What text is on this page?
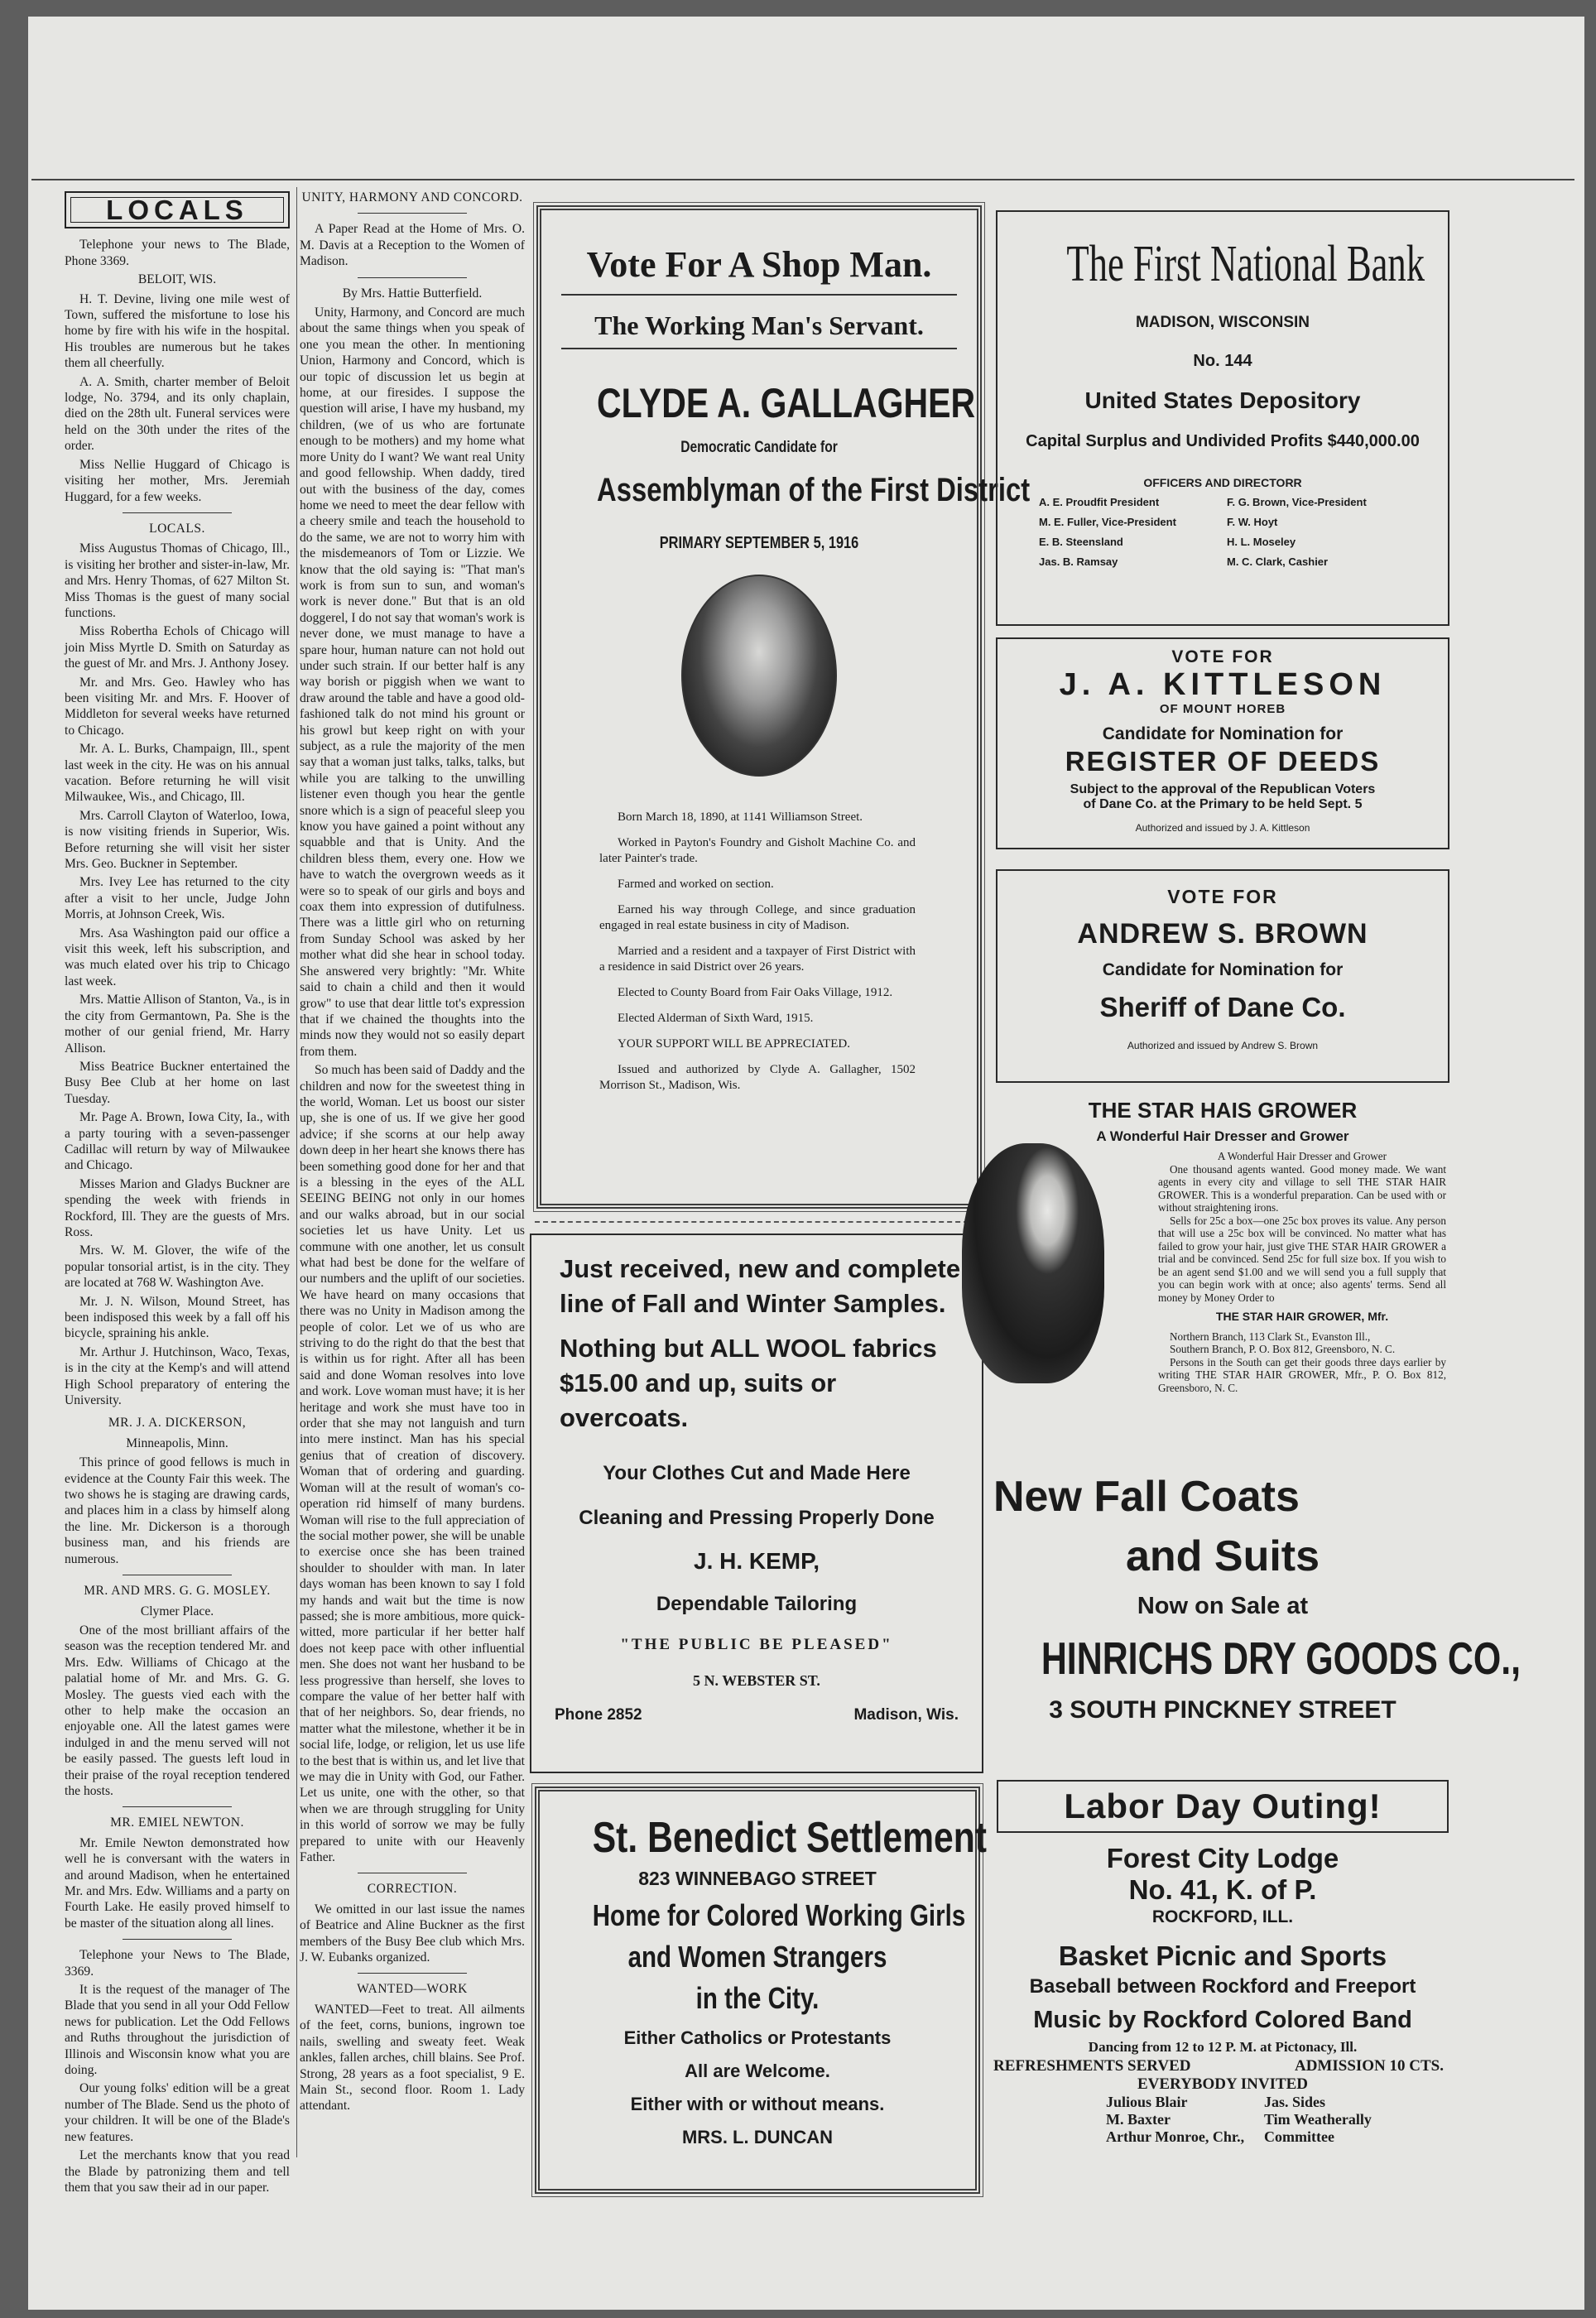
LOCALS

Telephone your news to The Blade, Phone 3369.

BELOIT, WIS.

H. T. Devine, living one mile west of Town, suffered the misfortune to lose his home by fire with his wife in the hospital. His troubles are numerous but he takes them all cheerfully.

A. A. Smith, charter member of Beloit lodge, No. 3794, and its only chaplain, died on the 28th ult. Funeral services were held on the 30th under the rites of the order.

Miss Nellie Huggard of Chicago is visiting her mother, Mrs. Jeremiah Huggard, for a few weeks.

LOCALS.

Miss Augustus Thomas of Chicago, Ill., is visiting her brother and sister-in-law, Mr. and Mrs. Henry Thomas, of 627 Milton St. Miss Thomas is the guest of many social functions.

Miss Robertha Echols of Chicago will join Miss Myrtle D. Smith on Saturday as the guest of Mr. and Mrs. J. Anthony Josey.

Mr. and Mrs. Geo. Hawley who has been visiting Mr. and Mrs. F. Hoover of Middleton for several weeks have returned to Chicago.

Mr. A. L. Burks, Champaign, Ill., spent last week in the city. He was on his annual vacation. Before returning he will visit Milwaukee, Wis., and Chicago, Ill.

Mrs. Carroll Clayton of Waterloo, Iowa, is now visiting friends in Superior, Wis. Before returning she will visit her sister Mrs. Geo. Buckner in September.

Mrs. Ivey Lee has returned to the city after a visit to her uncle, Judge John Morris, at Johnson Creek, Wis.

Mrs. Asa Washington paid our office a visit this week, left his subscription, and was much elated over his trip to Chicago last week.

Mrs. Mattie Allison of Stanton, Va., is in the city from Germantown, Pa. She is the mother of our genial friend, Mr. Harry Allison.

Miss Beatrice Buckner entertained the Busy Bee Club at her home on last Tuesday.

Mr. Page A. Brown, Iowa City, Ia., with a party touring with a seven-passenger Cadillac will return by way of Milwaukee and Chicago.

Misses Marion and Gladys Buckner are spending the week with friends in Rockford, Ill. They are the guests of Mrs. Ross.

Mrs. W. M. Glover, the wife of the popular tonsorial artist, is in the city. They are located at 768 W. Washington Ave.

Mr. J. N. Wilson, Mound Street, has been indisposed this week by a fall off his bicycle, spraining his ankle.

Mr. Arthur J. Hutchinson, Waco, Texas, is in the city at the Kemp's and will attend High School preparatory of entering the University.

MR. J. A. DICKERSON,
Minneapolis, Minn.

This prince of good fellows is much in evidence at the County Fair this week. The two shows he is staging are drawing cards, and places him in a class by himself along the line. Mr. Dickerson is a thorough business man, and his friends are numerous.

MR. AND MRS. G. G. MOSLEY.
Clymer Place.

One of the most brilliant affairs of the season was the reception tendered Mr. and Mrs. Edw. Williams of Chicago at the palatial home of Mr. and Mrs. G. G. Mosley. The guests vied each with the other to help make the occasion an enjoyable one. All the latest games were indulged in and the menu served will not be easily passed. The guests left loud in their praise of the royal reception tendered the hosts.

MR. EMIEL NEWTON.

Mr. Emile Newton demonstrated how well he is conversant with the waters in and around Madison, when he entertained Mr. and Mrs. Edw. Williams and a party on Fourth Lake. He easily proved himself to be master of the situation along all lines.

Telephone your News to The Blade, 3369.

It is the request of the manager of The Blade that you send in all your Odd Fellow news for publication. Let the Odd Fellows and Ruths throughout the jurisdiction of Illinois and Wisconsin know what you are doing.

Our young folks' edition will be a great number of The Blade. Send us the photo of your children. It will be one of the Blade's new features.

Let the merchants know that you read the Blade by patronizing them and tell them that you saw their ad in our paper.

UNITY, HARMONY AND CONCORD.

A Paper Read at the Home of Mrs. O. M. Davis at a Reception to the Women of Madison.

By Mrs. Hattie Butterfield.

Unity, Harmony, and Concord are much about the same things when you speak of one you mean the other. In mentioning Union, Harmony and Concord, which is our topic of discussion let us begin at home, at our firesides. I suppose the question will arise, I have my husband, my children, (we of us who are fortunate enough to be mothers) and my home what more Unity do I want? We want real Unity and good fellowship. When daddy, tired out with the business of the day, comes home we need to meet the dear fellow with a cheery smile and teach the household to do the same, we are not to worry him with the misdemeanors of Tom or Lizzie. We know that the old saying is: "That man's work is from sun to sun, and woman's work is never done." But that is an old doggerel, I do not say that woman's work is never done, we must manage to have a spare hour, human nature can not hold out under such strain. If our better half is any way borish or piggish when we want to draw around the table and have a good old-fashioned talk do not mind his grount or his growl but keep right on with your subject, as a rule the majority of the men say that a woman just talks, talks, talks, but while you are talking to the unwilling listener even though you hear the gentle snore which is a sign of peaceful sleep you know you have gained a point without any squabble and that is Unity. And the children bless them, every one. How we have to watch the overgrown weeds as it were so to speak of our girls and boys and coax them into expression of dutifulness. There was a little girl who on returning from Sunday School was asked by her mother what did she hear in school today. She answered very brightly: "Mr. White said to chain a child and then it would grow" to use that dear little tot's expression that if we chained the thoughts into the minds now they would not so easily depart from them.

So much has been said of Daddy and the children and now for the sweetest thing in the world, Woman. Let us boost our sister up, she is one of us. If we give her good advice; if she scorns at our help away down deep in her heart she knows there has been something good done for her and that is a blessing in the eyes of the ALL SEEING BEING not only in our homes and our walks abroad, but in our social societies let us have Unity. Let us commune with one another, let us consult what had best be done for the welfare of our numbers and the uplift of our societies. We have heard on many occasions that there was no Unity in Madison among the people of color. Let we of us who are striving to do the right do that the best that is within us for right. After all has been said and done Woman resolves into love and work. Love woman must have; it is her heritage and work she must have too in order that she may not languish and turn into mere instinct. Man has his special genius that of creation of discovery. Woman that of ordering and guarding. Woman will at the result of woman's co-operation rid himself of many burdens. Woman will rise to the full appreciation of the social mother power, she will be unable to exercise once she has been trained shoulder to shoulder with man. In later days woman has been known to say I fold my hands and wait but the time is now passed; she is more ambitious, more quick-witted, more particular if her better half does not keep pace with other influential men. She does not want her husband to be less progressive than herself, she loves to compare the value of her better half with that of her neighbors. So, dear friends, no matter what the milestone, whether it be in social life, lodge, or religion, let us use life to the best that is within us, and let live that we may die in Unity with God, our Father. Let us unite, one with the other, so that when we are through struggling for Unity in this world of sorrow we may be fully prepared to unite with our Heavenly Father.

CORRECTION.

We omitted in our last issue the names of Beatrice and Aline Buckner as the first members of the Busy Bee club which Mrs. J. W. Eubanks organized.

WANTED—WORK

WANTED—Feet to treat. All ailments of the feet, corns, bunions, ingrown toe nails, swelling and sweaty feet. Weak ankles, fallen arches, chill blains. See Prof. Strong, 28 years as a foot specialist, 9 E. Main St., second floor. Room 1. Lady attendant.

Vote For A Shop Man.
The Working Man's Servant.
CLYDE A. GALLAGHER
Democratic Candidate for
Assemblyman of the First District
PRIMARY SEPTEMBER 5, 1916

Born March 18, 1890, at 1141 Williamson Street.

Worked in Payton's Foundry and Gisholt Machine Co. and later Painter's trade.

Farmed and worked on section.

Earned his way through College, and since graduation engaged in real estate business in city of Madison.

Married and a resident and a taxpayer of First District with a residence in said District over 26 years.

Elected to County Board from Fair Oaks Village, 1912.

Elected Alderman of Sixth Ward, 1915.

YOUR SUPPORT WILL BE APPRECIATED.

Issued and authorized by Clyde A. Gallagher, 1502 Morrison St., Madison, Wis.

Just received, new and complete line of Fall and Winter Samples.
Nothing but ALL WOOL fabrics $15.00 and up, suits or overcoats.
Your Clothes Cut and Made Here
Cleaning and Pressing Properly Done
J. H. KEMP,
Dependable Tailoring
"THE PUBLIC BE PLEASED"
5 N. WEBSTER ST.
Phone 2852	Madison, Wis.
St. Benedict Settlement
823 WINNEBAGO STREET
Home for Colored Working Girls
and Women Strangers
in the City.
Either Catholics or Protestants
All are Welcome.
Either with or without means.
MRS. L. DUNCAN
The First National Bank
MADISON, WISCONSIN
No. 144
United States Depository
Capital Surplus and Undivided Profits $440,000.00
OFFICERS AND DIRECTORR
A. E. Proudfit President	F. G. Brown, Vice-President
M. E. Fuller, Vice-President	F. W. Hoyt
E. B. Steensland	H. L. Moseley
Jas. B. Ramsay	M. C. Clark, Cashier
VOTE FOR
J. A. KITTLESON
OF MOUNT HOREB
Candidate for Nomination for
REGISTER OF DEEDS
Subject to the approval of the Republican Voters
of Dane Co. at the Primary to be held Sept. 5
Authorized and issued by J. A. Kittleson
VOTE FOR
ANDREW S. BROWN
Candidate for Nomination for
Sheriff of Dane Co.
Authorized and issued by Andrew S. Brown
THE STAR HAIS GROWER
A Wonderful Hair Dresser and Grower
A Wonderful Hair Dresser and Grower
One thousand agents wanted. Good money made. We want agents in every city and village to sell THE STAR HAIR GROWER. This is a wonderful preparation. Can be used with or without straightening irons.
Sells for 25c a box—one 25c box proves its value. Any person that will use a 25c box will be convinced. No matter what has failed to grow your hair, just give THE STAR HAIR GROWER a trial and be convinced. Send 25c for full size box. If you wish to be an agent send $1.00 and we will send you a full supply that you can begin work with at once; also agents' terms. Send all money by Money Order to
THE STAR HAIR GROWER, Mfr.
Northern Branch, 113 Clark St., Evanston Ill.,
Southern Branch, P. O. Box 812, Greensboro, N. C.
Persons in the South can get their goods three days earlier by writing THE STAR HAIR GROWER, Mfr., P. O. Box 812, Greensboro, N. C.
New Fall Coats
and Suits
Now on Sale at
HINRICHS DRY GOODS CO.,
3 SOUTH PINCKNEY STREET
Labor Day Outing!
Forest City Lodge
No. 41, K. of P.
ROCKFORD, ILL.
Basket Picnic and Sports
Baseball between Rockford and Freeport
Music by Rockford Colored Band
Dancing from 12 to 12 P. M. at Pictonacy, Ill.
REFRESHMENTS SERVED	ADMISSION 10 CTS.
EVERYBODY INVITED
Julious Blair	Jas. Sides
M. Baxter	Tim Weatherally
Arthur Monroe, Chr.,	Committee
